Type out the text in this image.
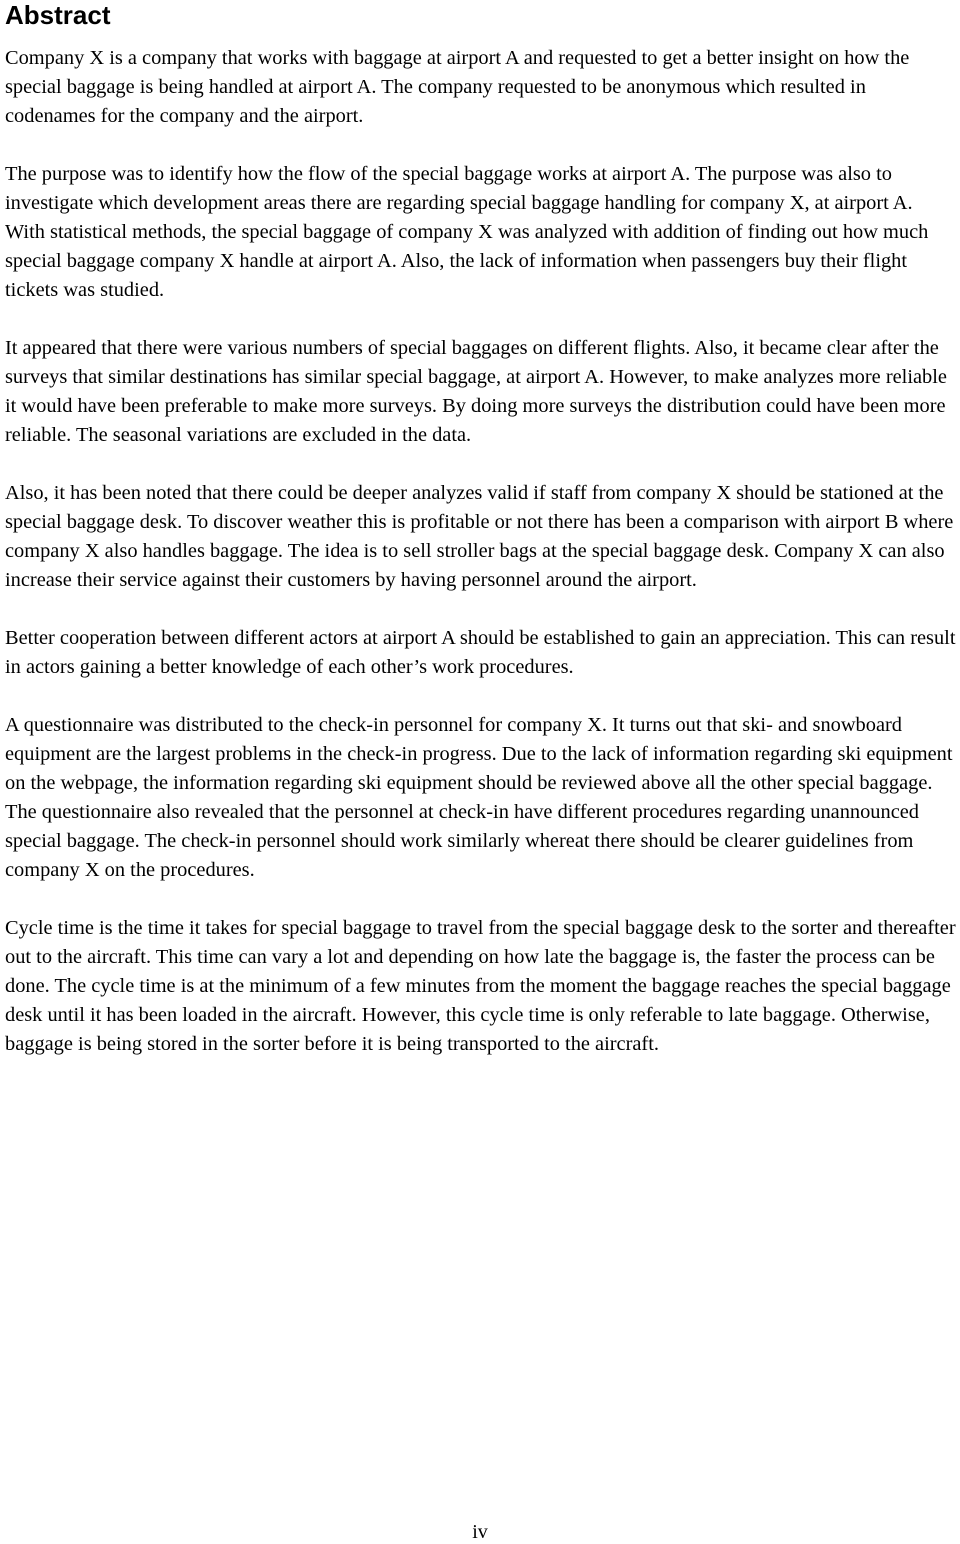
Abstract

Company X is a company that works with baggage at airport A and requested to get a better insight on how the special baggage is being handled at airport A. The company requested to be anonymous which resulted in codenames for the company and the airport.

The purpose was to identify how the flow of the special baggage works at airport A. The purpose was also to investigate which development areas there are regarding special baggage handling for company X, at airport A. With statistical methods, the special baggage of company X was analyzed with addition of finding out how much special baggage company X handle at airport A. Also, the lack of information when passengers buy their flight tickets was studied.

It appeared that there were various numbers of special baggages on different flights. Also, it became clear after the surveys that similar destinations has similar special baggage, at airport A. However, to make analyzes more reliable it would have been preferable to make more surveys. By doing more surveys the distribution could have been more reliable. The seasonal variations are excluded in the data.

Also, it has been noted that there could be deeper analyzes valid if staff from company X should be stationed at the special baggage desk. To discover weather this is profitable or not there has been a comparison with airport B where company X also handles baggage. The idea is to sell stroller bags at the special baggage desk. Company X can also increase their service against their customers by having personnel around the airport.

Better cooperation between different actors at airport A should be established to gain an appreciation. This can result in actors gaining a better knowledge of each other’s work procedures.

A questionnaire was distributed to the check-in personnel for company X. It turns out that ski- and snowboard equipment are the largest problems in the check-in progress. Due to the lack of information regarding ski equipment on the webpage, the information regarding ski equipment should be reviewed above all the other special baggage. The questionnaire also revealed that the personnel at check-in have different procedures regarding unannounced special baggage. The check-in personnel should work similarly whereat there should be clearer guidelines from company X on the procedures.

Cycle time is the time it takes for special baggage to travel from the special baggage desk to the sorter and thereafter out to the aircraft. This time can vary a lot and depending on how late the baggage is, the faster the process can be done. The cycle time is at the minimum of a few minutes from the moment the baggage reaches the special baggage desk until it has been loaded in the aircraft. However, this cycle time is only referable to late baggage. Otherwise, baggage is being stored in the sorter before it is being transported to the aircraft.

iv
